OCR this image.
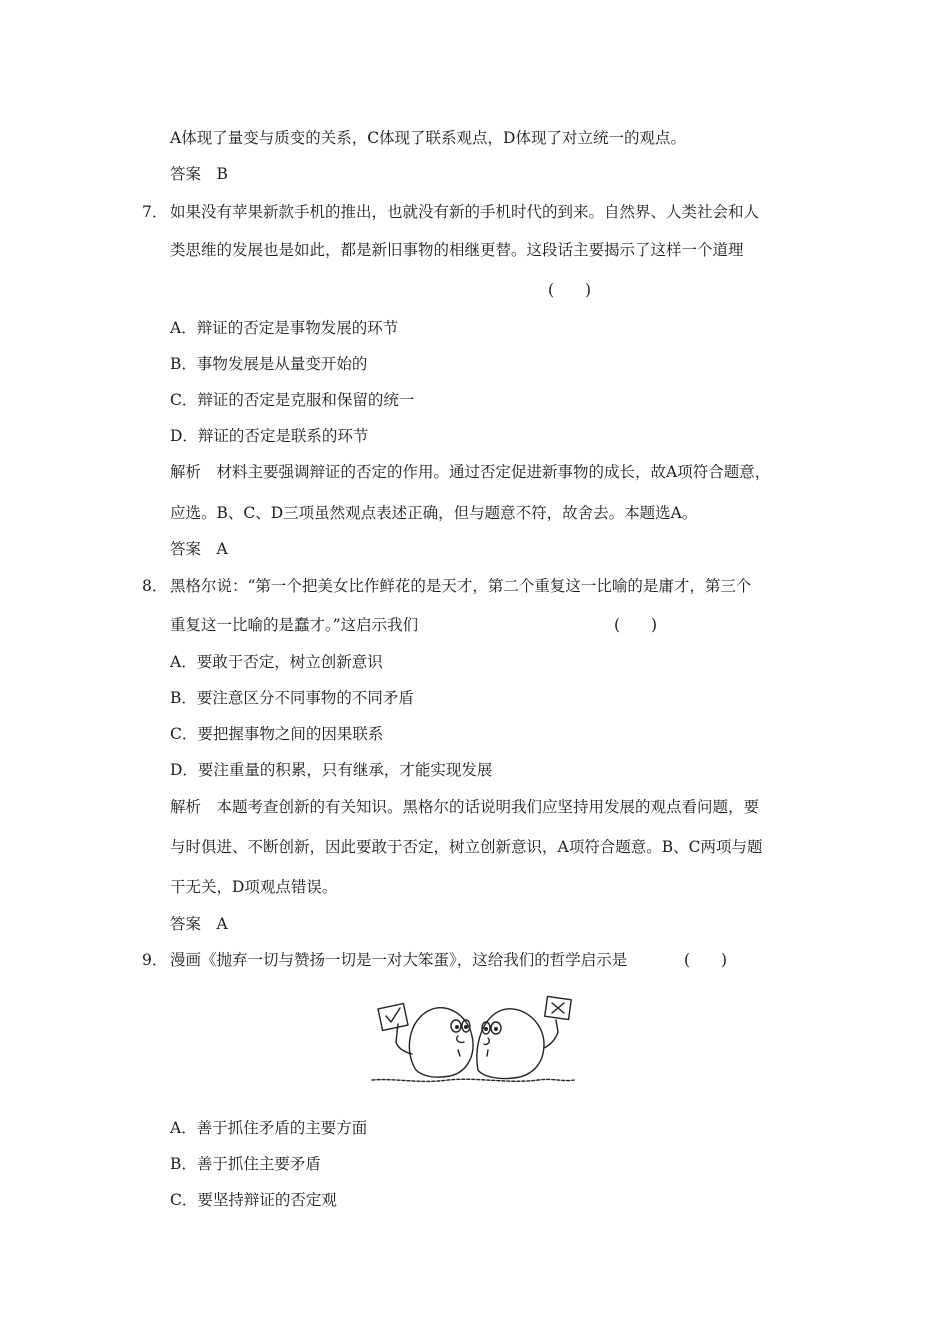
A体现了量变与质变的关系，C体现了联系观点，D体现了对立统一的观点。
答案　B
7． 如果没有苹果新款手机的推出，也就没有新的手机时代的到来。自然界、人类社会和人
类思维的发展也是如此，都是新旧事物的相继更替。这段话主要揭示了这样一个道理
(　　)
A．辩证的否定是事物发展的环节
B．事物发展是从量变开始的
C．辩证的否定是克服和保留的统一
D．辩证的否定是联系的环节
解析　材料主要强调辩证的否定的作用。通过否定促进新事物的成长，故A项符合题意，
应选。B、C、D三项虽然观点表述正确，但与题意不符，故舍去。本题选A。
答案　A
8． 黑格尔说：“第一个把美女比作鲜花的是天才，第二个重复这一比喻的是庸才，第三个
重复这一比喻的是蠢才。”这启示我们	(　　)
A．要敢于否定，树立创新意识
B．要注意区分不同事物的不同矛盾
C．要把握事物之间的因果联系
D．要注重量的积累，只有继承，才能实现发展
解析　本题考查创新的有关知识。黑格尔的话说明我们应坚持用发展的观点看问题，要
与时俱进、不断创新，因此要敢于否定，树立创新意识，A项符合题意。B、C两项与题
干无关，D项观点错误。
答案　A
9． 漫画《抛弃一切与赞扬一切是一对大笨蛋》，这给我们的哲学启示是	(　　)
A．善于抓住矛盾的主要方面
B．善于抓住主要矛盾
C．要坚持辩证的否定观
